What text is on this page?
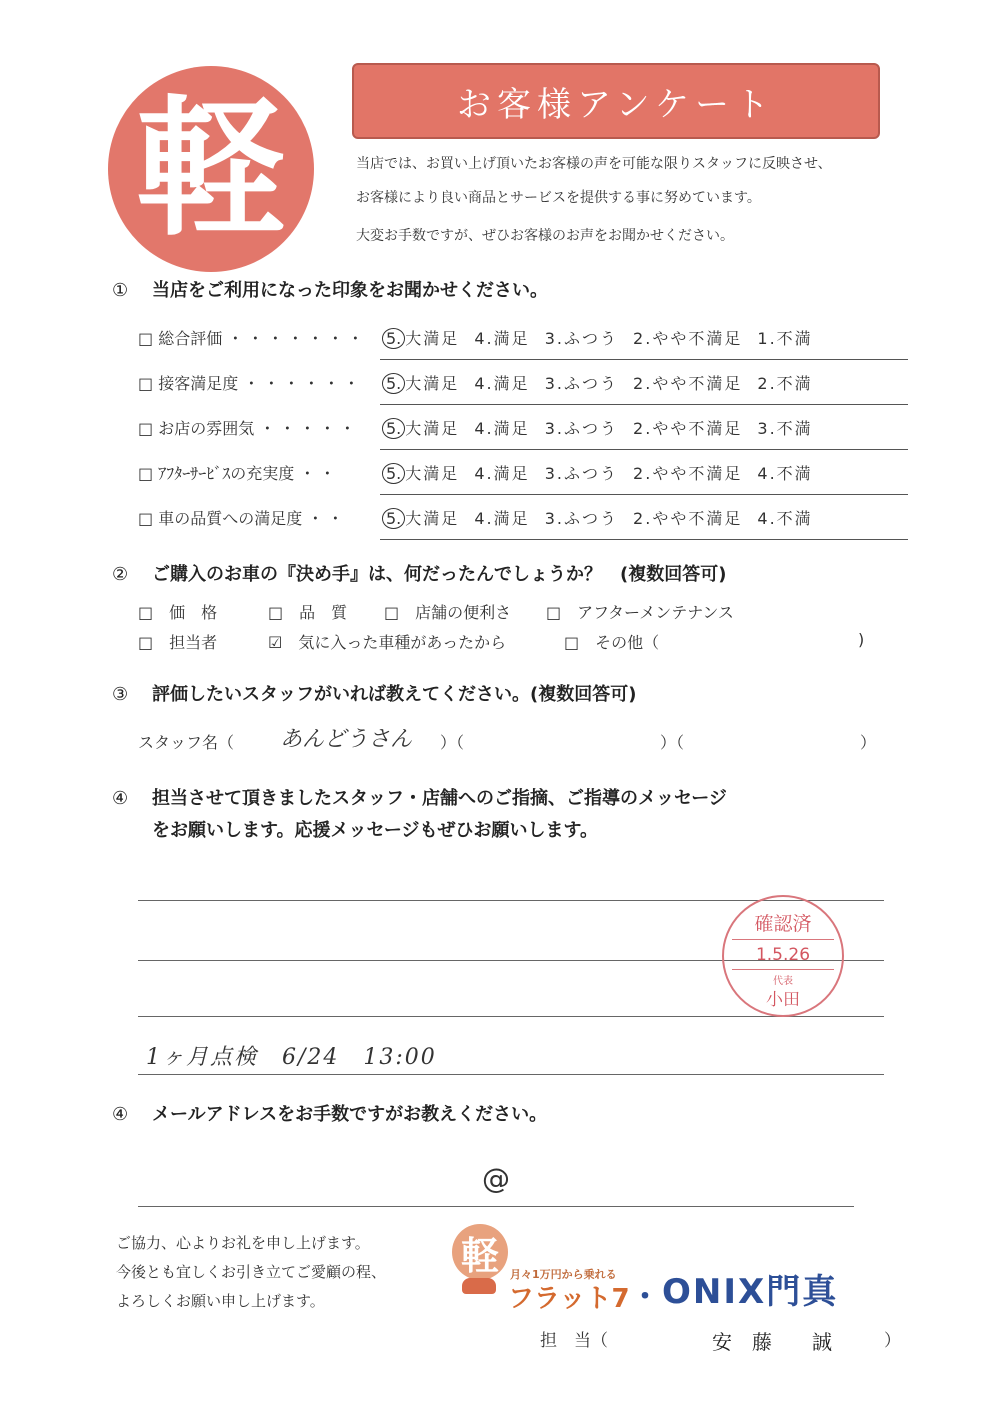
軽	お客様アンケート
当店では、お買い上げ頂いたお客様の声を可能な限りスタッフに反映させ、
お客様により良い商品とサービスを提供する事に努めています。
大変お手数ですが、ぜひお客様のお声をお聞かせください。
① 当店をご利用になった印象をお聞かせください。
□ 総合評価 ・・・・・・・ 5. 大満足 4.満足 3.ふつう 2.やや不満足 1.不満
□ 接客満足度 ・・・・・・ 5. 大満足 4.満足 3.ふつう 2.やや不満足 2.不満
□ お店の雰囲気 ・・・・・ 5. 大満足 4.満足 3.ふつう 2.やや不満足 3.不満
□ ｱﾌﾀｰｻｰﾋﾞｽの充実度 ・・	5. 大満足 4.満足 3.ふつう 2.やや不満足 4.不満
□ 車の品質への満足度 ・・ 5. 大満足 4.満足 3.ふつう 2.やや不満足 4.不満
② ご購入のお車の『決め手』は、何だったんでしょうか？　(複数回答可)
□　価　格	□　品　質 □　店舗の便利さ □　アフターメンテナンス
□　担当者	☑　気に入った車種があったから	□　その他（	)
③ 評価したいスタッフがいれば教えてください。(複数回答可)
スタッフ名（ あんどうさん ）（	）（	）
④ 担当させて頂きましたスタッフ・店舗へのご指摘、ご指導のメッセージ
をお願いします。応援メッセージもぜひお願いします。
1ヶ月点検　6/24　13:00
確認済
1.5.26
代表
小田
④ メールアドレスをお手数ですがお教えください。
@
ご協力、心よりお礼を申し上げます。
今後とも宜しくお引き立てご愛顧の程、
よろしくお願い申し上げます。
軽	月々1万円から乗れる
フラット7 ・ ONIX門真
担　当（	安　藤　　誠	）
